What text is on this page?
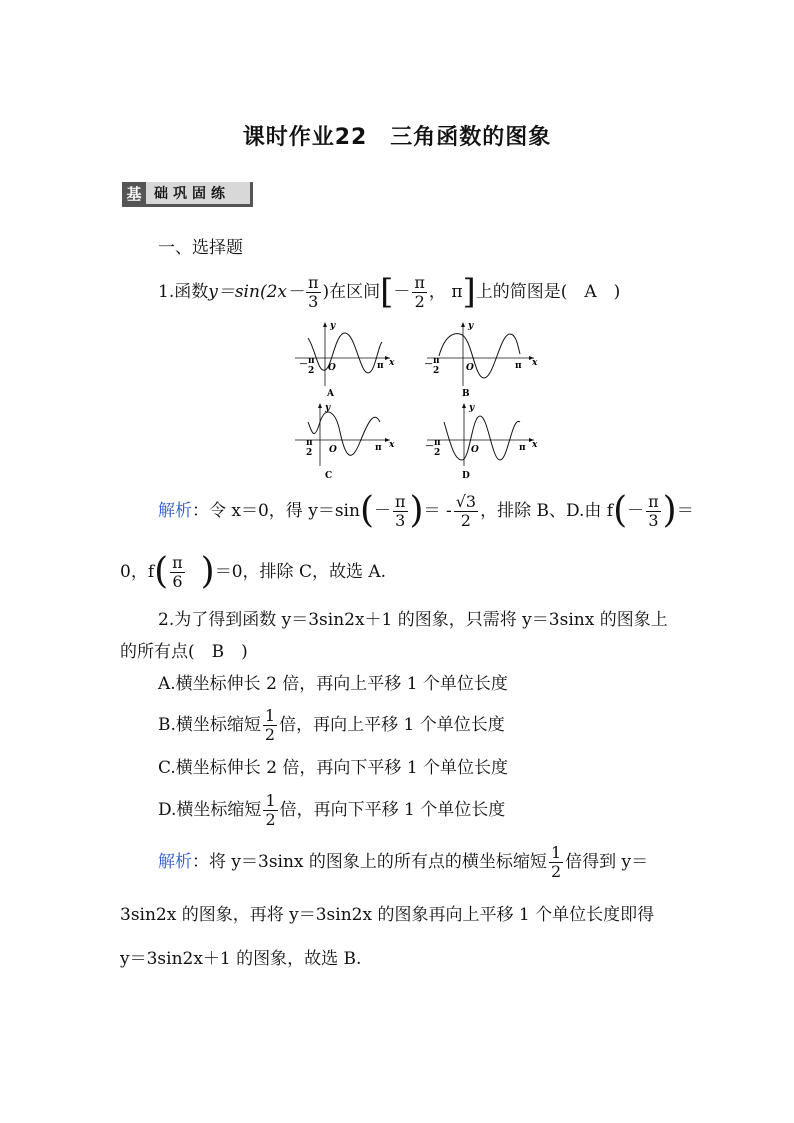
课时作业22　三角函数的图象
基 础巩固练
一、选择题
1.函数 $y=\sin(2x- \frac{\pi}{3}$ )在区间 [ － $\frac{\pi}{2}$ ， π ] 上的简图是(　A　)
O
y
x
π
－ π
2
A
O
y
x
π
－ π
2
B
O
y
x
π
π
2
C
O
y
x
π
－ π
2
D
解析 ：令 x＝0，得 y＝sin ( － $\frac{\pi}{3}$ ) ＝ - $\frac{√3}{2}$ ，排除 B、D.由 f ( － $\frac{\pi}{3}$ ) ＝
0，f ( $\frac{\pi}{6}$ ) ＝0，排除 C，故选 A.
2.为了得到函数 y＝3sin2x＋1 的图象，只需将 y＝3sinx 的图象上
的所有点(　B　)
A.横坐标伸长 2 倍，再向上平移 1 个单位长度
B.横坐标缩短 $\frac{1}{2}$ 倍，再向上平移 1 个单位长度
C.横坐标伸长 2 倍，再向下平移 1 个单位长度
D.横坐标缩短 $\frac{1}{2}$ 倍，再向下平移 1 个单位长度
解析 ：将 y＝3sinx 的图象上的所有点的横坐标缩短 $\frac{1}{2}$ 倍得到 y＝
3sin2x 的图象，再将 y＝3sin2x 的图象再向上平移 1 个单位长度即得
y＝3sin2x＋1 的图象，故选 B.
